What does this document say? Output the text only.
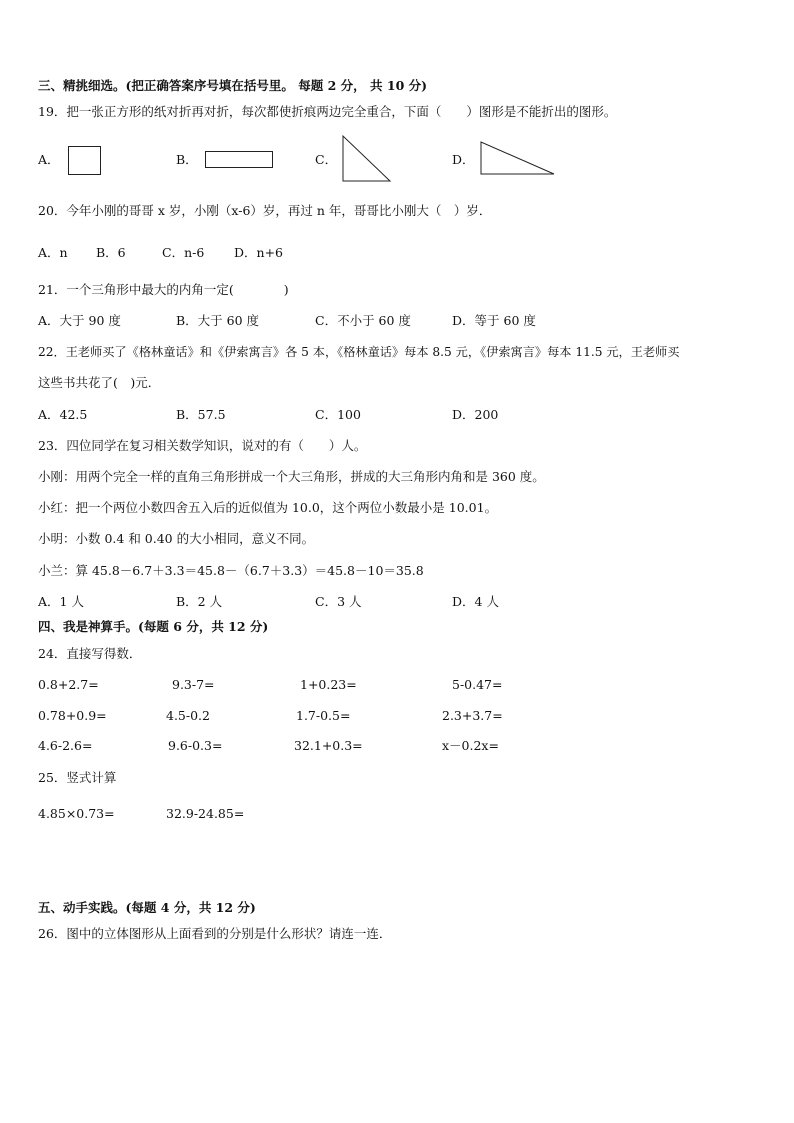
三、精挑细选。(把正确答案序号填在括号里。 每题 2 分， 共 10 分)
19．把一张正方形的纸对折再对折，每次都使折痕两边完全重合，下面（　　）图形是不能折出的图形。
A．	B．	C．	D．
20．今年小刚的哥哥 x 岁，小刚（x-6）岁，再过 n 年，哥哥比小刚大（　）岁．
A．n B．6	C．n-6 D．n+6
21．一个三角形中最大的内角一定(　　　　)
A．大于 90 度	B．大于 60 度	C．不小于 60 度	D．等于 60 度
22．王老师买了《格林童话》和《伊索寓言》各 5 本，《格林童话》每本 8.5 元，《伊索寓言》每本 11.5 元，王老师买
这些书共花了(　)元．
A．42.5	B．57.5	C．100	D．200
23．四位同学在复习相关数学知识，说对的有（　　）人。
小刚：用两个完全一样的直角三角形拼成一个大三角形，拼成的大三角形内角和是 360 度。
小红：把一个两位小数四舍五入后的近似值为 10.0，这个两位小数最小是 10.01。
小明：小数 0.4 和 0.40 的大小相同，意义不同。
小兰：算 45.8－6.7＋3.3＝45.8－（6.7＋3.3）＝45.8－10＝35.8
A．1 人	B．2 人	C．3 人	D．4 人
四、我是神算手。(每题 6 分，共 12 分)
24．直接写得数．
0.8+2.7=	9.3-7=	1+0.23=	5-0.47=
0.78+0.9=	4.5-0.2	1.7-0.5=	2.3+3.7=
4.6-2.6=	9.6-0.3=	32.1+0.3=	x－0.2x=
25．竖式计算
4.85×0.73=	32.9-24.85=
五、动手实践。(每题 4 分，共 12 分)
26．图中的立体图形从上面看到的分别是什么形状？请连一连．
